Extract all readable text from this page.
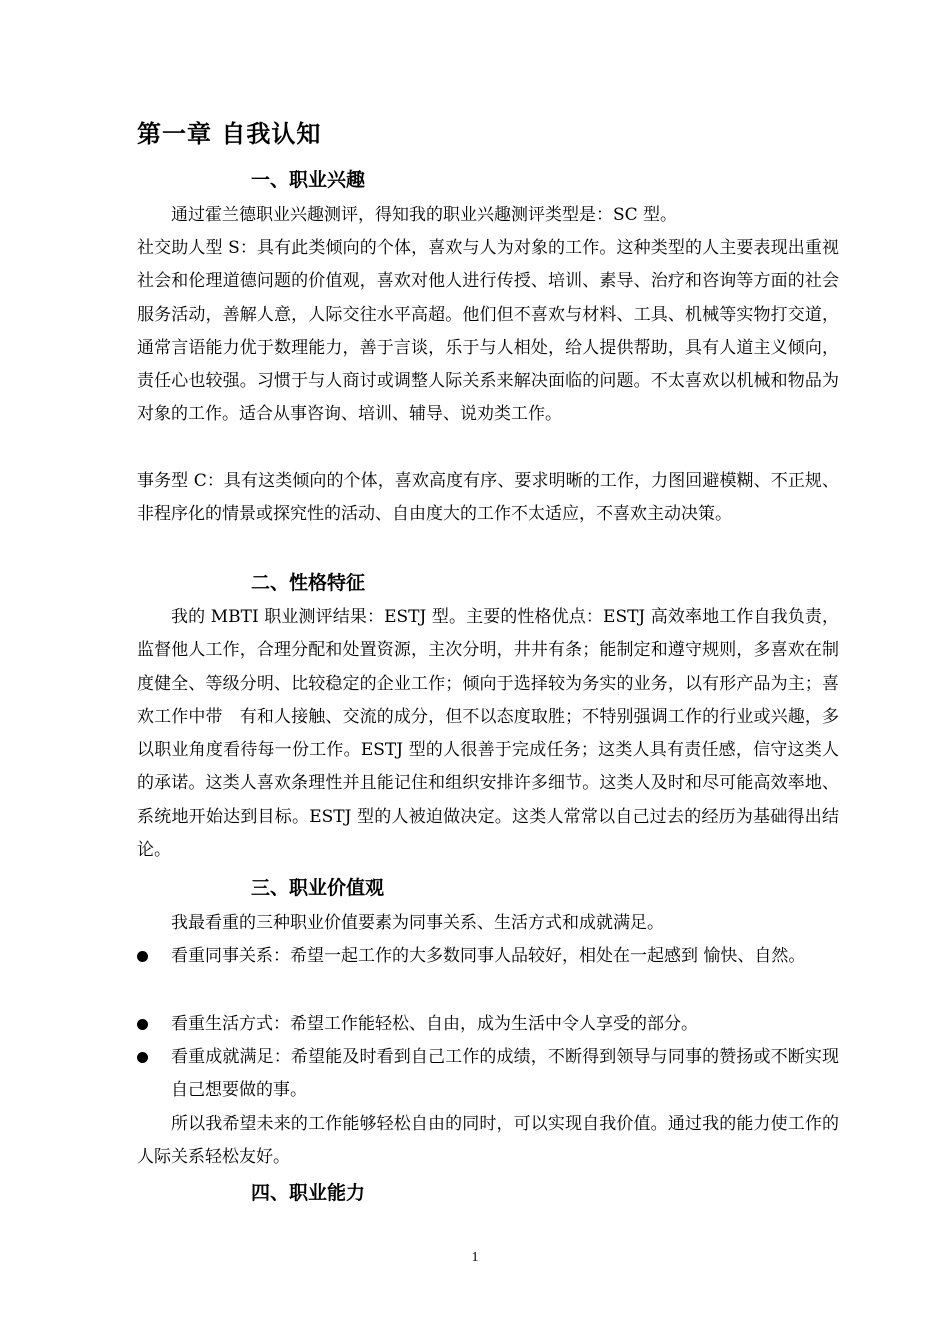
第一章 自我认知
一、职业兴趣
通过霍兰德职业兴趣测评，得知我的职业兴趣测评类型是：SC 型。
社交助人型 S：具有此类倾向的个体，喜欢与人为对象的工作。这种类型的人主要表现出重视社会和伦理道德问题的价值观，喜欢对他人进行传授、培训、素导、治疗和咨询等方面的社会服务活动，善解人意，人际交往水平高超。他们但不喜欢与材料、工具、机械等实物打交道，通常言语能力优于数理能力，善于言谈，乐于与人相处，给人提供帮助，具有人道主义倾向，责任心也较强。习惯于与人商讨或调整人际关系来解决面临的问题。不太喜欢以机械和物品为对象的工作。适合从事咨询、培训、辅导、说劝类工作。
事务型 C：具有这类倾向的个体，喜欢高度有序、要求明晰的工作，力图回避模糊、不正规、非程序化的情景或探究性的活动、自由度大的工作不太适应，不喜欢主动决策。
二、性格特征
我的 MBTI 职业测评结果：ESTJ 型。主要的性格优点：ESTJ 高效率地工作自我负责，监督他人工作，合理分配和处置资源，主次分明，井井有条；能制定和遵守规则，多喜欢在制度健全、等级分明、比较稳定的企业工作；倾向于选择较为务实的业务，以有形产品为主；喜欢工作中带　有和人接触、交流的成分，但不以态度取胜；不特别强调工作的行业或兴趣，多以职业角度看待每一份工作。ESTJ 型的人很善于完成任务；这类人具有责任感，信守这类人的承诺。这类人喜欢条理性并且能记住和组织安排许多细节。这类人及时和尽可能高效率地、系统地开始达到目标。ESTJ 型的人被迫做决定。这类人常常以自己过去的经历为基础得出结论。
三、职业价值观
我最看重的三种职业价值要素为同事关系、生活方式和成就满足。
看重同事关系：希望一起工作的大多数同事人品较好，相处在一起感到 愉快、自然。
看重生活方式：希望工作能轻松、自由，成为生活中令人享受的部分。
看重成就满足：希望能及时看到自己工作的成绩，不断得到领导与同事的赞扬或不断实现自己想要做的事。
所以我希望未来的工作能够轻松自由的同时，可以实现自我价值。通过我的能力使工作的人际关系轻松友好。
四、职业能力
1
